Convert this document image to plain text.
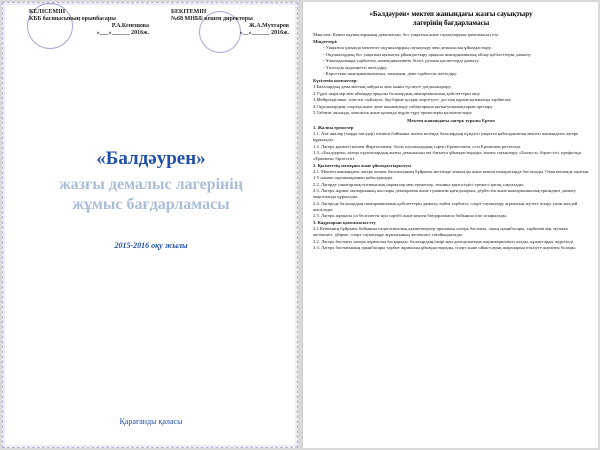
КЕЛІСЕМІН
КББ басшысының орынбасары
Р.А.Кенешова
«___»______ 2016ж.
БЕКІТЕМІН
№68 МНББ кешен директоры
Ж.А.Мухтаров
«__»______ 2016ж.
«Балдәурен»
жазғы демалыс лагерінің
жұмыс бағдарламасы
2015-2016 оқу жылы
Қарағанды қаласы
«Балдәурен» мектеп жанындағы жазғы сауықтыру
лагерінің бағдарламасы

Мақсаты: Кенен оқушыларының демалысын, бос уақытын және сауықтыруын қамтамасыз ету.

Міндеттері:

- Уақытша ұжымда мектепте оқушылардың сауықтыру мен демалысын ұйымдастыру.

- Оқушылардың бос уақытын қызықты ұйымдастыру арқылы шығармашылық ойлау қабілеттерін дамыту;

- Ұжымдылыққа тәрбиелеу, коммуникативтік білігі, рухани қасиеттерді дамыту.

- Үштілдік мәдениетті жетілдіру.

- Көрсеткіш шығармашылығын, танымын, дене тәрбиесін жетілдіру.

Күтілетін нәтижелер:

1.Балалардың демалыстың пайдасы мен мәнін түсінуге дағдыландыру.

2.Түрлі шаралар мен ойындар арқылы балалардың шығармашылық қабілеттерін ашу.

3.Мейірімділікке, өзін-өзі сыйлауға, бір-біріне қолдау көрсетуге, достық қарым-қатынасқа тәрбиелеу.

4.Оқушылардың спортқа және дене шынықтыру сабақтарына қызығушылықтарын арттыру.

5.Табиғат аясында, көпшілік және қоғамда жүріп-тұру ережелерін қалыптастыру.

Мектеп жанындағы лагерь туралы Ереже

1. Жалпы ережелер

1.1. Ата-аналар (заңды өкілдер) өтініші бойынша жазғы кезеңде балалардың күндізгі уақытта қабылданатын мектеп жанындағы лагерь құрылады.

1.2. Лагерь қызметі кешен Жарғысымен, білім алушылардың тәртіп Ережесімен, осы Ережемен реттеледі.

1.3. «Балдәурен» лагері оқушылардың жазғы демалысын екі бағытта ұйымдастырады: жазғы сауықтыру «Балауса» бірлестігі, профильді «Еркемен» бірлестігі.

2. Қызметтің мазмұны және ұйымдастырылуы

2.1. Мектеп жанындағы лагерь кешен басшысының бұйрығы негізінде ашылады және кешен ғимаратында басталады. Оған кешенде оқитын 1-5 сынып оқушыларынан қабылданады.

2.2. Лагерде санитарлық-гигиеналық нормалар мен ережелер, техника қауіпсіздігі ережесі қатаң сақталады.

2.3. Лагерь жұмыс мазмұнының жоспары демократия және гуманизм қағидаларын, дербестік және шығармашылық еркіндікті дамыту мақсатында құрылады.

2.4. Лагерьде балалардың шығармашылық қабілеттерін дамыту, еңбек тәрбиесі, спорт-сауықтыру жұмысын жүзеге асыру үшін жағдай жасалады.

2.5. Лагерь жұмысы ол белгілеген күн тәртібі және кешен бағдарламасы бойынша іске асырылады.

3. Кадрларын қамтамасыз ету

3.1.Кешеннің бұйрығы бойынша педагогикалық қызметкерлер арасынан лагерь бастығы, оның орынбасары, тәрбиешілер, музыка жетекшісі, үйірме, спорт-сауықтыру жұмысының жетекшісі тағайындалады.

3.2. Лагерь бастығы лагерь жұмысын басқарады, балалардың өмірі мен денсаулығына жауапкершілікті алады, құжаттарды жүргізеді.

3.3. Лагерь бастығының орынбасары тәрбие жұмысын ұйымдастырады, спорт және ойын-сауық шараларын өткізуге жауапты болады.
